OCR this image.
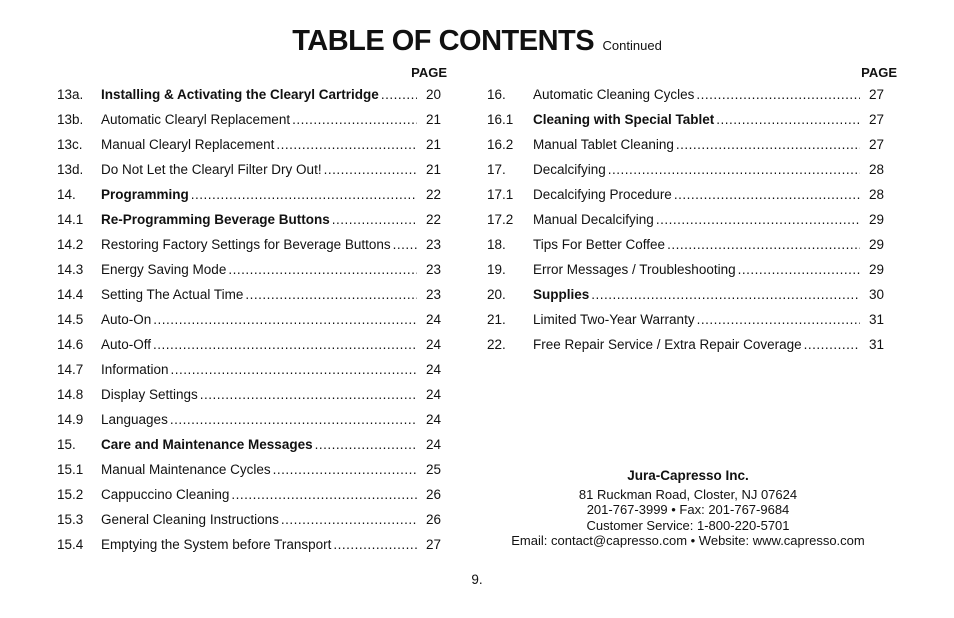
TABLE OF CONTENTS Continued
PAGE
13a.	Installing & Activating the Clearyl Cartridge .....	20
13b.	Automatic Clearyl Replacement .....	21
13c.	Manual Clearyl Replacement .....	21
13d.	Do Not Let the Clearyl Filter Dry Out! .....	21
14.	Programming .....	22
14.1	Re-Programming Beverage Buttons .....	22
14.2	Restoring Factory Settings for Beverage Buttons .....	23
14.3	Energy Saving Mode .....	23
14.4	Setting The Actual Time .....	23
14.5	Auto-On .....	24
14.6	Auto-Off .....	24
14.7	Information .....	24
14.8	Display Settings .....	24
14.9	Languages .....	24
15.	Care and Maintenance Messages .....	24
15.1	Manual Maintenance Cycles .....	25
15.2	Cappuccino Cleaning .....	26
15.3	General Cleaning Instructions .....	26
15.4	Emptying the System before Transport .....	27
PAGE
16.	Automatic Cleaning Cycles .....	27
16.1	Cleaning with Special Tablet .....	27
16.2	Manual Tablet Cleaning .....	27
17.	Decalcifying .....	28
17.1	Decalcifying Procedure .....	28
17.2	Manual Decalcifying .....	29
18.	Tips For Better Coffee .....	29
19.	Error Messages / Troubleshooting .....	29
20.	Supplies .....	30
21.	Limited Two-Year Warranty .....	31
22.	Free Repair Service / Extra Repair Coverage .....	31
Jura-Capresso Inc.
81 Ruckman Road, Closter, NJ 07624
201-767-3999 • Fax: 201-767-9684
Customer Service: 1-800-220-5701
Email: contact@capresso.com • Website: www.capresso.com
9.
